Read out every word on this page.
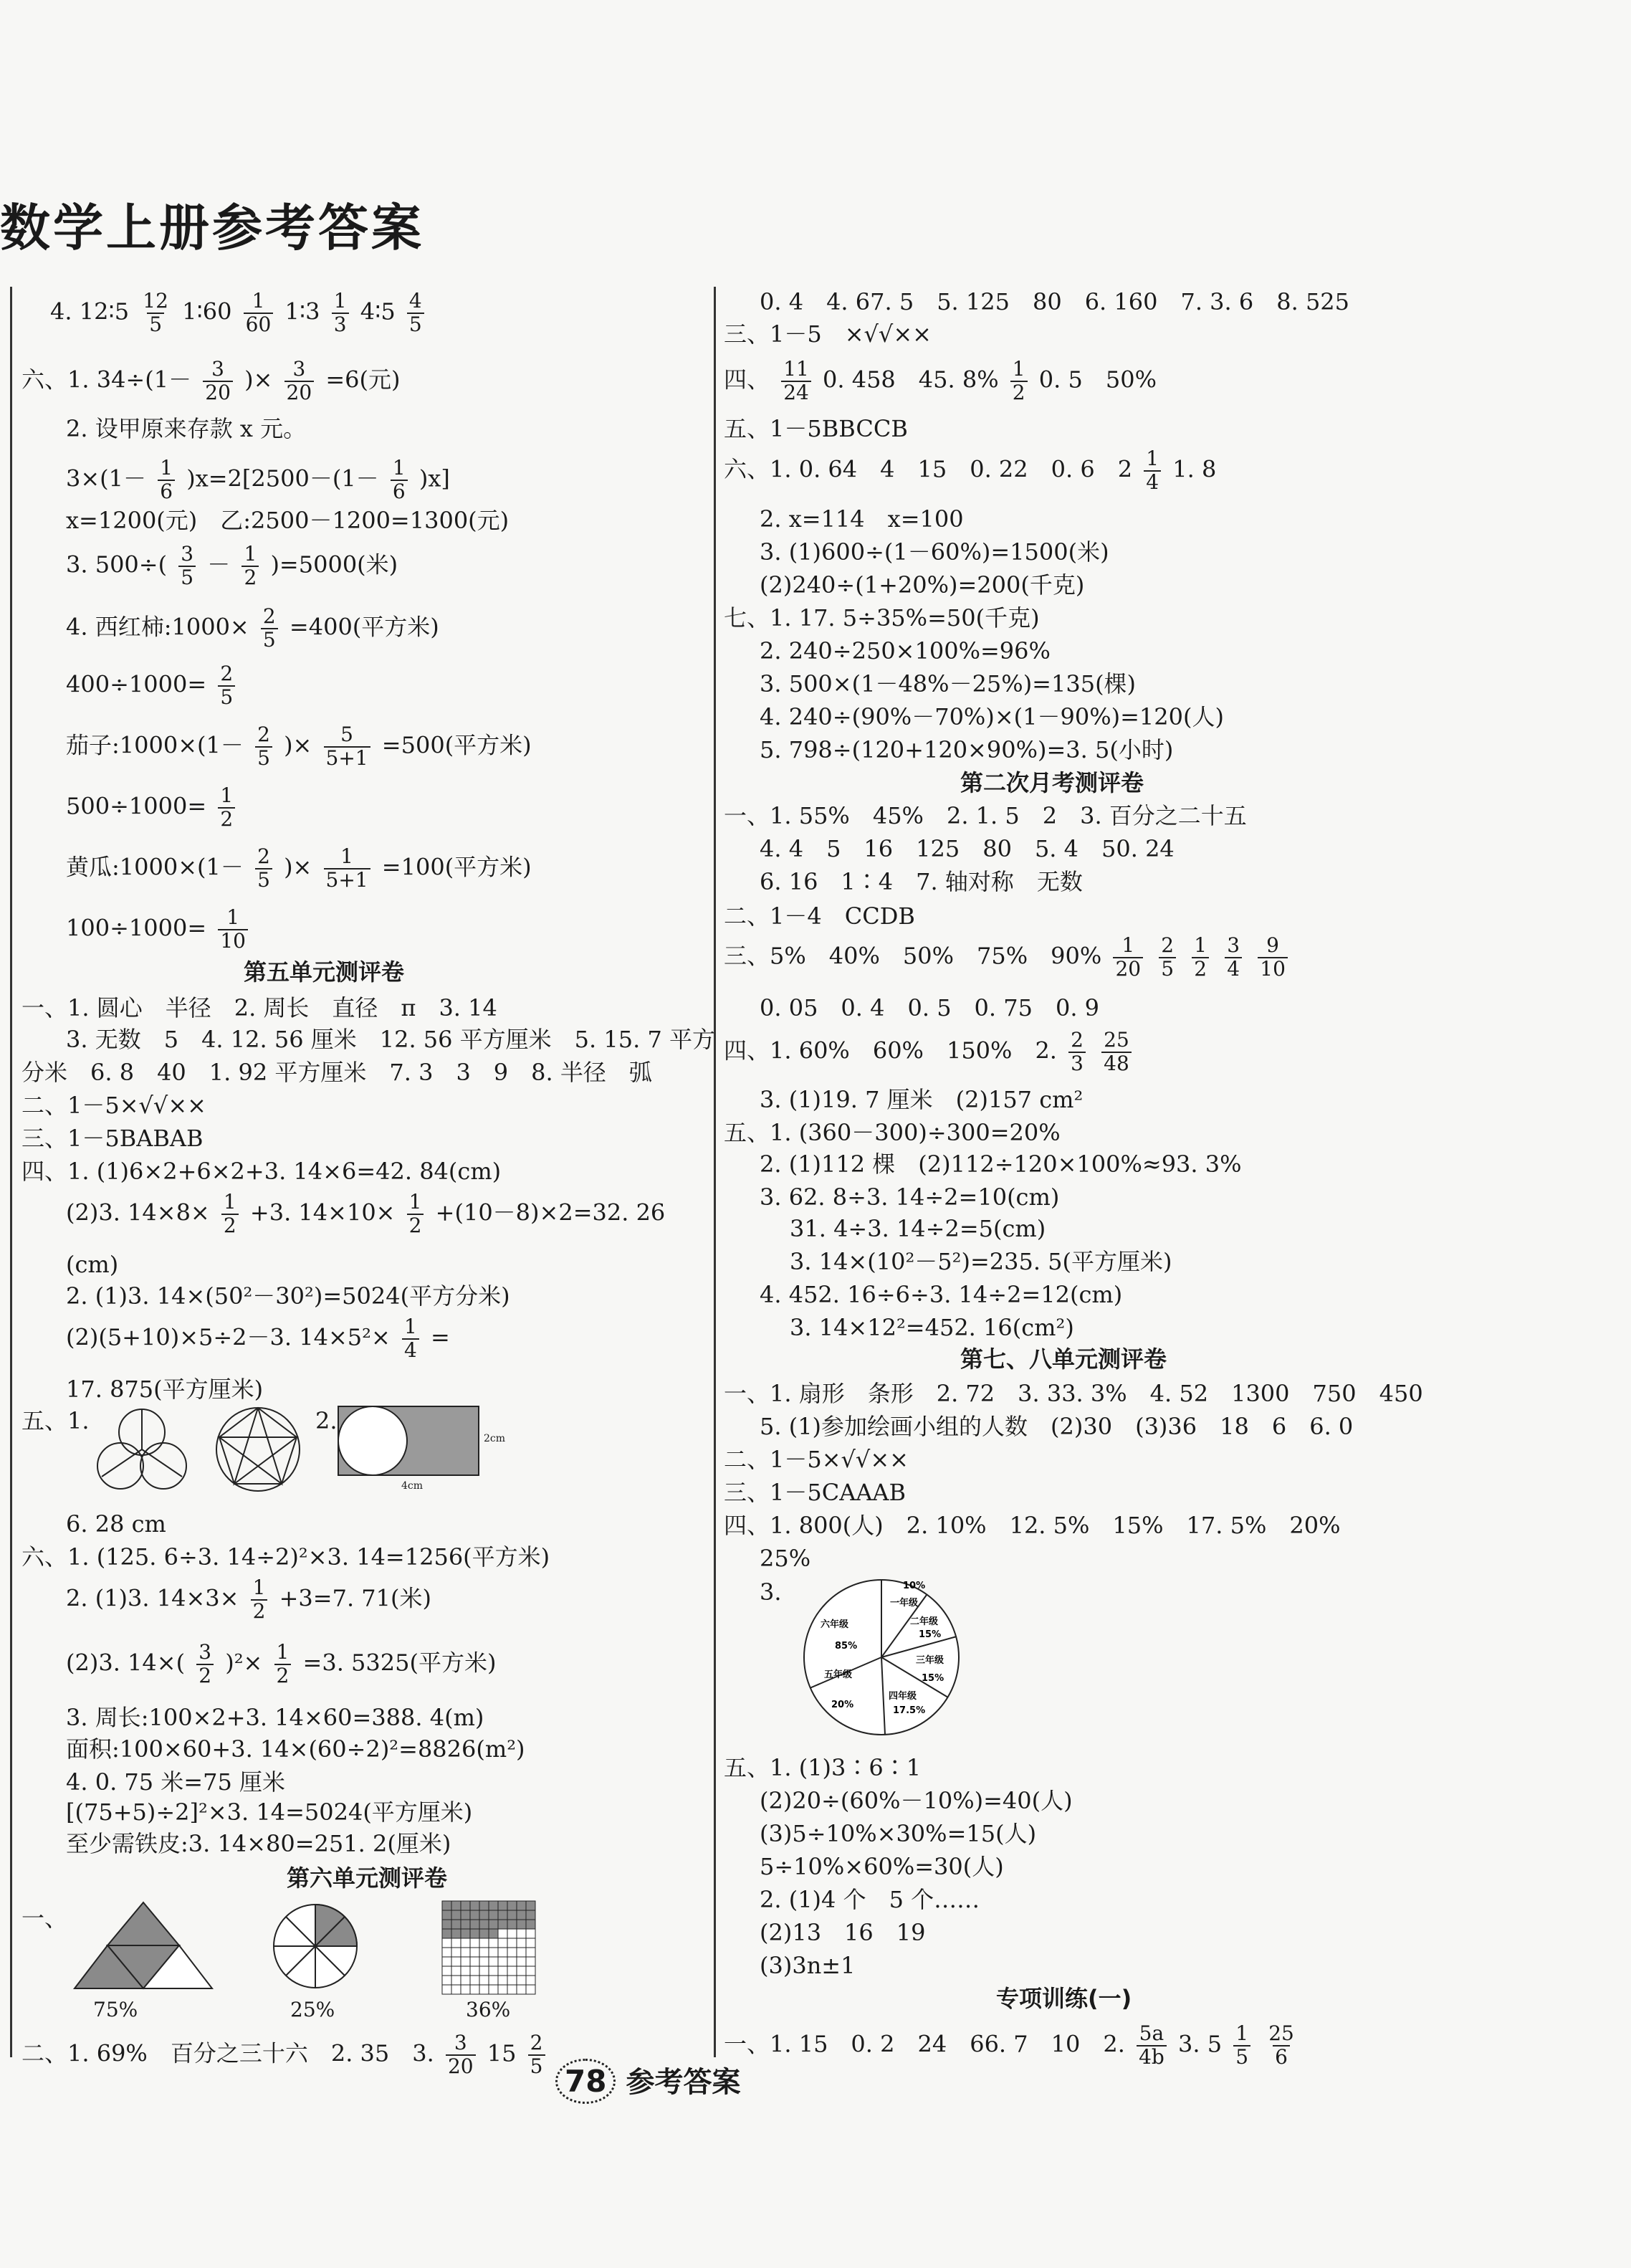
数学上册参考答案
4. 12∶5 $\frac{12}{5}$ 1∶60 $\frac{1}{60}$ 1∶3 $\frac{1}{3}$ 4∶5 $\frac{4}{5}$
六、1. $34\div(1- \frac{3}{20}$ )× $\frac{3}{20} =6$(元)
2. 设甲原来存款 x 元。
$3\times(1- \frac{1}{6} )x=2[2500-(1- \frac{1}{6} )x]$
x=1200(元)　乙:2500－1200=1300(元)
3. $500\div( \frac{3}{5} - \frac{1}{2} )=5000$(米)
4. 西红柿:1000× $\frac{2}{5} =400$(平方米)
$400\div 1000= \frac{2}{5}$
茄子:1000×(1－ $\frac{2}{5}$ )× $\frac{5}{5+1} =500$(平方米)
$500\div 1000= \frac{1}{2}$
黄瓜:1000×(1－ $\frac{2}{5}$ )× $\frac{1}{5+1} =100$(平方米)
$100\div 1000= \frac{1}{10}$
第五单元测评卷
一、1. 圆心　半径　2. 周长　直径　π　3. 14
3. 无数　5　4. 12. 56 厘米　12. 56 平方厘米　5. 15. 7 平方
分米　6. 8　40　1. 92 平方厘米　7. 3　3　9　8. 半径　弧
二、1－5×√√××
三、1－5BABAB
四、1. (1)6×2+6×2+3. 14×6=42. 84(cm)
(2)3. $14\times 8\times \frac{1}{2} +3$. $14\times 10\times \frac{1}{2} +(10-8)\times 2=32$. 26
(cm)
2. (1)3. 14×(50²－30²)=5024(平方分米)
(2)(5+10)×5÷2－3. $14\times 5^2\times \frac{1}{4}$ =
17. 875(平方厘米)
五、1.	2.
2cm
4cm
6. 28 cm
六、1. (125. 6÷3. 14÷2)²×3. 14=1256(平方米)
2. (1)3. $14\times 3\times \frac{1}{2} +3=7$. 71(米)
(2)3. $14\times( \frac{3}{2} )^2\times \frac{1}{2} =3$. 5325(平方米)
3. 周长:100×2+3. 14×60=388. 4(m)
面积:100×60+3. 14×(60÷2)²=8826(m²)
4. 0. 75 米=75 厘米
[(75+5)÷2]²×3. 14=5024(平方厘米)
至少需铁皮:3. 14×80=251. 2(厘米)
第六单元测评卷
一、
75%	25%	36%
二、1. 69%　百分之三十六　2. 35　3. $\frac{3}{20} 15 \frac{2}{5}$
0. 4　4. 67. 5　5. 125　80　6. 160　7. 3. 6　8. 525
三、1－5　×√√××
四、 $\frac{11}{24} 0$. 458　45. $8\% \frac{1}{2} 0$. 5　50%
五、1－5BBCCB
六、1. 0. 64　4　15　0. 22　0. 6　$2 \frac{1}{4} 1$. 8
2. x=114　x=100
3. (1)600÷(1－60%)=1500(米)
(2)240÷(1+20%)=200(千克)
七、1. 17. 5÷35%=50(千克)
2. 240÷250×100%=96%
3. 500×(1－48%－25%)=135(棵)
4. 240÷(90%－70%)×(1－90%)=120(人)
5. 798÷(120+120×90%)=3. 5(小时)
第二次月考测评卷
一、1. 55%　45%　2. 1. 5　2　3. 百分之二十五
4. 4　5　16　125　80　5. 4　50. 24
6. 16　1∶4　7. 轴对称　无数
二、1－4　CCDB
三、5%　40%　50%　75%　$90\% \frac{1}{20}$
$\frac{2}{5}$
$\frac{1}{2}$
$\frac{3}{4}$
$\frac{9}{10}$
0. 05　0. 4　0. 5　0. 75　0. 9
四、1. 60%　60%　150%　2. $\frac{2}{3}$
$\frac{25}{48}$
3. (1)19. 7 厘米　(2)157 cm²
五、1. (360－300)÷300=20%
2. (1)112 棵　(2)112÷120×100%≈93. 3%
3. 62. 8÷3. 14÷2=10(cm)
31. 4÷3. 14÷2=5(cm)
3. 14×(10²－5²)=235. 5(平方厘米)
4. 452. 16÷6÷3. 14÷2=12(cm)
3. 14×12²=452. 16(cm²)
第七、八单元测评卷
一、1. 扇形　条形　2. 72　3. 33. 3%　4. 52　1300　750　450
5. (1)参加绘画小组的人数　(2)30　(3)36　18　6　6. 0
二、1－5×√√××
三、1－5CAAAB
四、1. 800(人)　2. 10%　12. 5%　15%　17. 5%　20%
25%
3.	10%
一年级
二年级
15%
三年级
15%
四年级
17.5%
五年级
20%
六年级
85%
五、1. (1)3∶6∶1
(2)20÷(60%－10%)=40(人)
(3)5÷10%×30%=15(人)
5÷10%×60%=30(人)
2. (1)4 个　5 个……
(2)13　16　19
(3)3n±1
专项训练(一)
一、1. 15　0. 2　24　66. 7　10　2. $\frac{5a}{4b} 3$. $5 \frac{1}{5}$
$\frac{25}{6}$
78 参考答案
